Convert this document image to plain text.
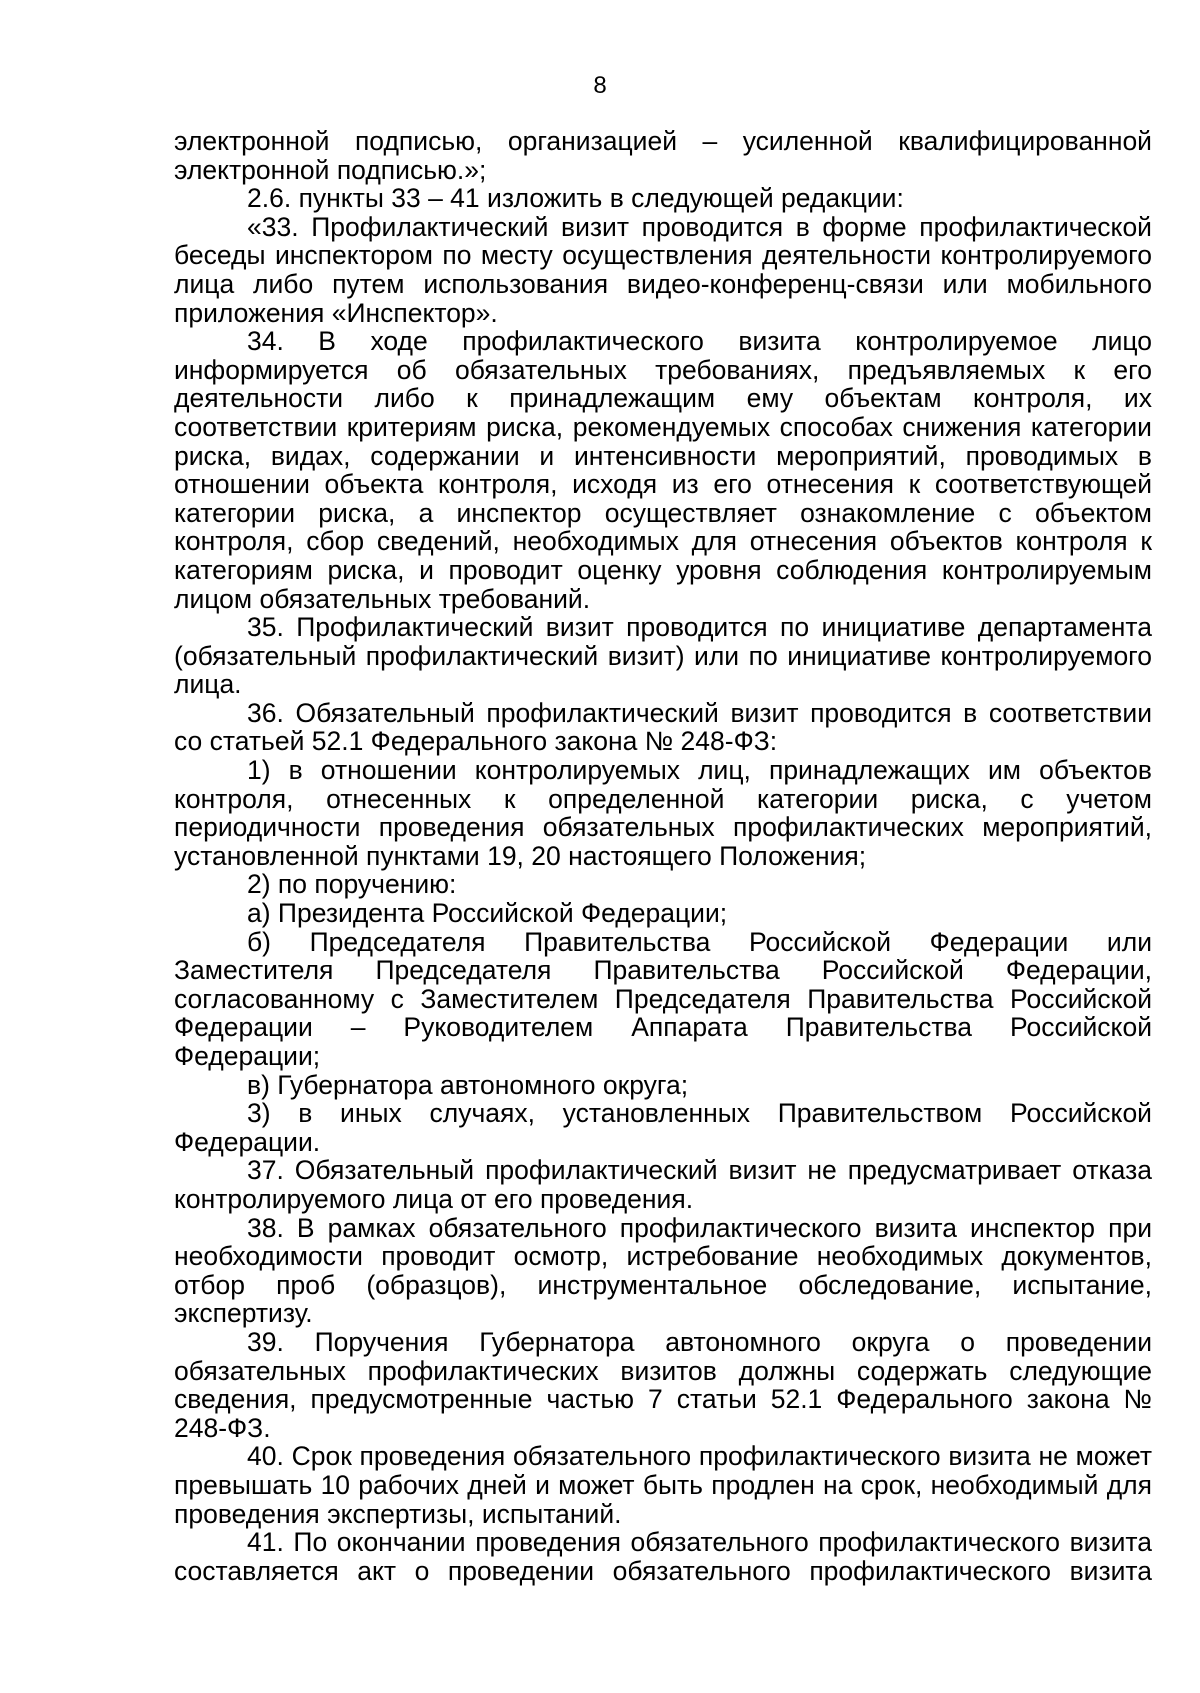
8

электронной подписью, организацией – усиленной квалифицированной электронной подписью.»;

2.6. пункты 33 – 41 изложить в следующей редакции:

«33. Профилактический визит проводится в форме профилактической беседы инспектором по месту осуществления деятельности контролируемого лица либо путем использования видео-конференц-связи или мобильного приложения «Инспектор».

34. В ходе профилактического визита контролируемое лицо информируется об обязательных требованиях, предъявляемых к его деятельности либо к принадлежащим ему объектам контроля, их соответствии критериям риска, рекомендуемых способах снижения категории риска, видах, содержании и интенсивности мероприятий, проводимых в отношении объекта контроля, исходя из его отнесения к соответствующей категории риска, а инспектор осуществляет ознакомление с объектом контроля, сбор сведений, необходимых для отнесения объектов контроля к категориям риска, и проводит оценку уровня соблюдения контролируемым лицом обязательных требований.

35. Профилактический визит проводится по инициативе департамента (обязательный профилактический визит) или по инициативе контролируемого лица.

36. Обязательный профилактический визит проводится в соответствии со статьей 52.1 Федерального закона № 248-ФЗ:

1) в отношении контролируемых лиц, принадлежащих им объектов контроля, отнесенных к определенной категории риска, с учетом периодичности проведения обязательных профилактических мероприятий, установленной пунктами 19, 20 настоящего Положения;

2) по поручению:

а) Президента Российской Федерации;

б) Председателя Правительства Российской Федерации или Заместителя Председателя Правительства Российской Федерации, согласованному с Заместителем Председателя Правительства Российской Федерации – Руководителем Аппарата Правительства Российской Федерации;

в) Губернатора автономного округа;

3) в иных случаях, установленных Правительством Российской Федерации.

37. Обязательный профилактический визит не предусматривает отказа контролируемого лица от его проведения.

38. В рамках обязательного профилактического визита инспектор при необходимости проводит осмотр, истребование необходимых документов, отбор проб (образцов), инструментальное обследование, испытание, экспертизу.

39. Поручения Губернатора автономного округа о проведении обязательных профилактических визитов должны содержать следующие сведения, предусмотренные частью 7 статьи 52.1 Федерального закона № 248-ФЗ.

40. Срок проведения обязательного профилактического визита не может превышать 10 рабочих дней и может быть продлен на срок, необходимый для проведения экспертизы, испытаний.

41. По окончании проведения обязательного профилактического визита составляется акт о проведении обязательного профилактического визита
